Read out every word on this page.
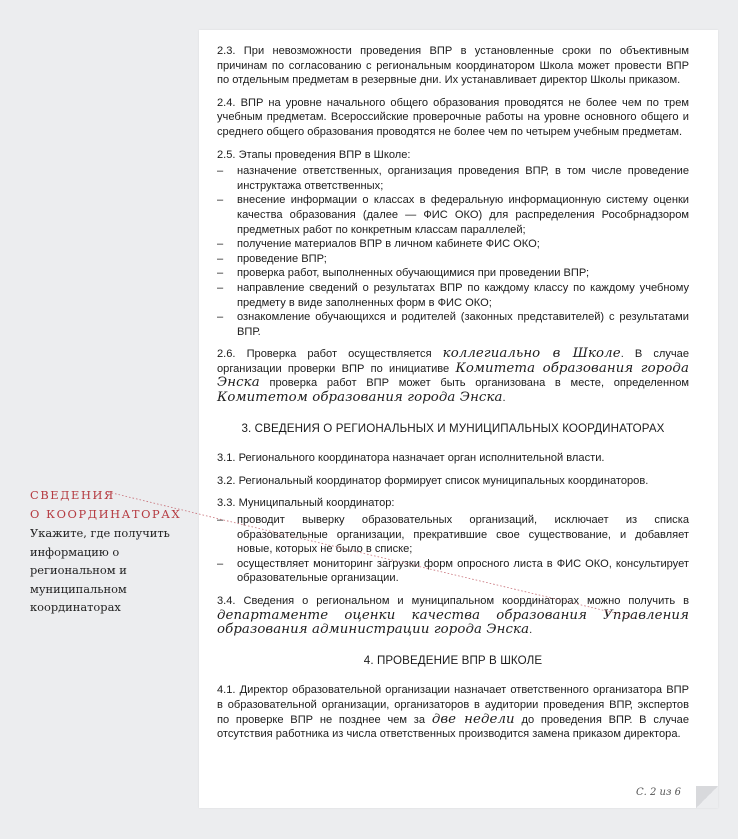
2.3. При невозможности проведения ВПР в установленные сроки по объективным причинам по согласованию с региональным координатором Школа может провести ВПР по отдельным предметам в резервные дни. Их устанавливает директор Школы приказом.

2.4. ВПР на уровне начального общего образования проводятся не более чем по трем учебным предметам. Всероссийские проверочные работы на уровне основного общего и среднего общего образования проводятся не более чем по четырем учебным предметам.

2.5. Этапы проведения ВПР в Школе:

– назначение ответственных, организация проведения ВПР, в том числе проведение инструктажа ответственных;
– внесение информации о классах в федеральную информационную систему оценки качества образования (далее — ФИС ОКО) для распределения Рособрнадзором предметных работ по конкретным классам параллелей;
– получение материалов ВПР в личном кабинете ФИС ОКО;
– проведение ВПР;
– проверка работ, выполненных обучающимися при проведении ВПР;
– направление сведений о результатах ВПР по каждому классу по каждому учебному предмету в виде заполненных форм в ФИС ОКО;
– ознакомление обучающихся и родителей (законных представителей) с результатами ВПР.

2.6. Проверка работ осуществляется коллегиально в Школе. В случае организации проверки ВПР по инициативе Комитета образования города Энска проверка работ ВПР может быть организована в месте, определенном Комитетом образования города Энска.

3. СВЕДЕНИЯ О РЕГИОНАЛЬНЫХ И МУНИЦИПАЛЬНЫХ КООРДИНАТОРАХ

3.1. Регионального координатора назначает орган исполнительной власти.

3.2. Региональный координатор формирует список муниципальных координаторов.

3.3. Муниципальный координатор:

– проводит выверку образовательных организаций, исключает из списка образовательные организации, прекратившие свое существование, и добавляет новые, которых не было в списке;
– осуществляет мониторинг загрузки форм опросного листа в ФИС ОКО, консультирует образовательные организации.

3.4. Сведения о региональном и муниципальном координаторах можно получить в департаменте оценки качества образования Управления образования администрации города Энска.

4. ПРОВЕДЕНИЕ ВПР В ШКОЛЕ

4.1. Директор образовательной организации назначает ответственного организатора ВПР в образовательной организации, организаторов в аудитории проведения ВПР, экспертов по проверке ВПР не позднее чем за две недели до проведения ВПР. В случае отсутствия работника из числа ответственных производится замена приказом директора.

С. 2 из 6
СВЕДЕНИЯ
О КООРДИНАТОРАХ
Укажите, где получить информацию о региональном и муниципальном координаторах
